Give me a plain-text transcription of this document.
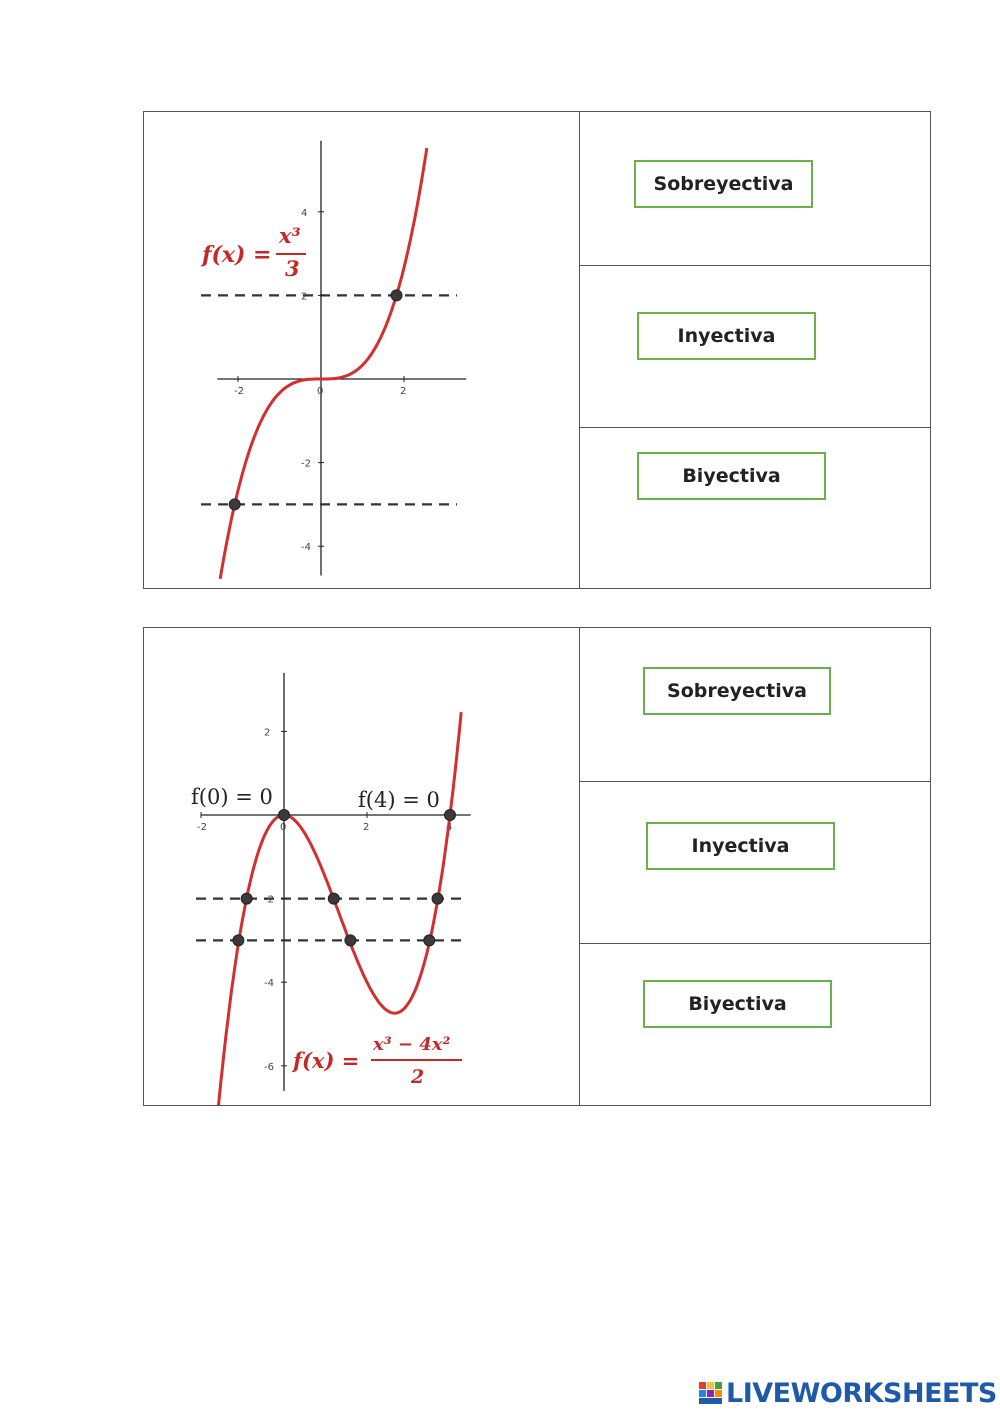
-2	0	2
4
2
-2
-4
f(x) =
x³
3
Sobreyectiva
Inyectiva
Biyectiva
-2	0	2	4
2
-2
-4
-6
f(0) = 0	f(4) = 0
f(x) =
x³ − 4x²
2
Sobreyectiva
Inyectiva
Biyectiva
LIVEWORKSHEETS
